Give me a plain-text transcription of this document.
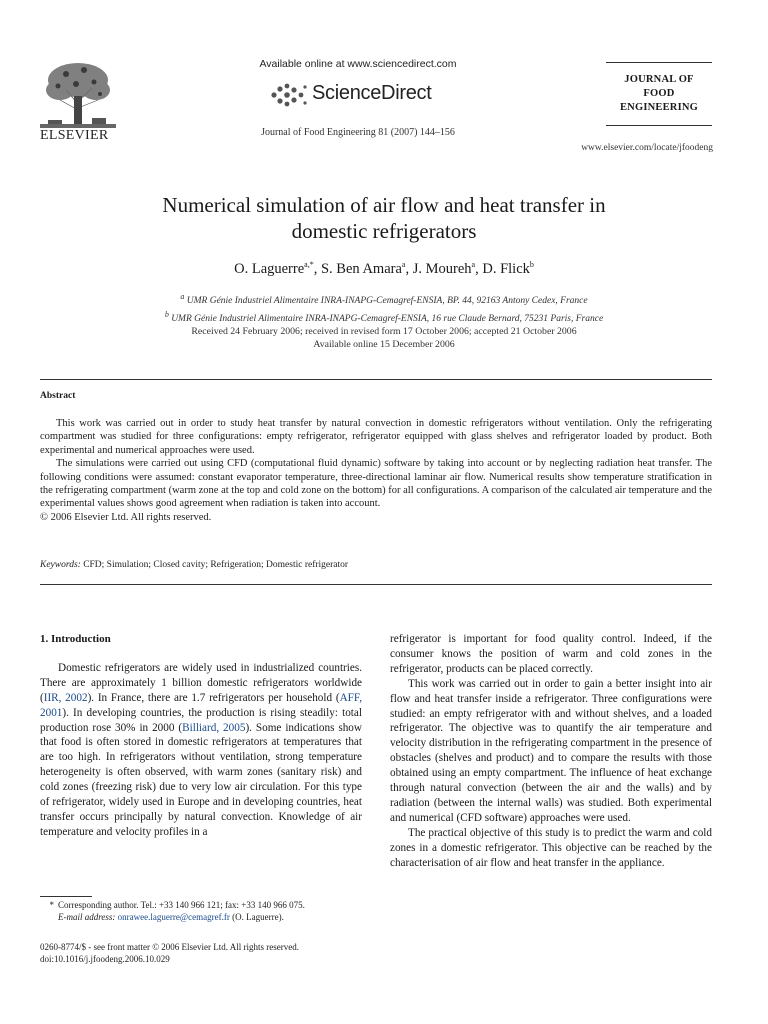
ELSEVIER
Available online at www.sciencedirect.com
ScienceDirect
Journal of Food Engineering 81 (2007) 144–156
JOURNAL OF
FOOD
ENGINEERING
www.elsevier.com/locate/jfoodeng
Numerical simulation of air flow and heat transfer in
domestic refrigerators
O. Laguerre$^{a,*}$, S. Ben Amara$^a$, J. Moureh$^a$, D. Flick$^b$
$^a$ UMR Génie Industriel Alimentaire INRA-INAPG-Cemagref-ENSIA, BP. 44, 92163 Antony Cedex, France
$^b$ UMR Génie Industriel Alimentaire INRA-INAPG-Cemagref-ENSIA, 16 rue Claude Bernard, 75231 Paris, France
Received 24 February 2006; received in revised form 17 October 2006; accepted 21 October 2006
Available online 15 December 2006
Abstract

This work was carried out in order to study heat transfer by natural convection in domestic refrigerators without ventilation. Only the refrigerating compartment was studied for three configurations: empty refrigerator, refrigerator equipped with glass shelves and refrigerator loaded by product. Both experimental and numerical approaches were used.

The simulations were carried out using CFD (computational fluid dynamic) software by taking into account or by neglecting radiation heat transfer. The following conditions were assumed: constant evaporator temperature, three-directional laminar air flow. Numerical results show temperature stratification in the refrigerating compartment (warm zone at the top and cold zone on the bottom) for all configurations. A comparison of the calculated air temperature and the experimental values shows good agreement when radiation is taken into account.

© 2006 Elsevier Ltd. All rights reserved.

Keywords: CFD; Simulation; Closed cavity; Refrigeration; Domestic refrigerator
1. Introduction

Domestic refrigerators are widely used in industrialized countries. There are approximately 1 billion domestic refrigerators worldwide (IIR, 2002). In France, there are 1.7 refrigerators per household (AFF, 2001). In developing countries, the production is rising steadily: total production rose 30% in 2000 (Billiard, 2005). Some indications show that food is often stored in domestic refrigerators at temperatures that are too high. In refrigerators without ventilation, strong temperature heterogeneity is often observed, with warm zones (sanitary risk) and cold zones (freezing risk) due to very low air circulation. For this type of refrigerator, widely used in Europe and in developing countries, heat transfer occurs principally by natural convection. Knowledge of air temperature and velocity profiles in a

refrigerator is important for food quality control. Indeed, if the consumer knows the position of warm and cold zones in the refrigerator, products can be placed correctly.

This work was carried out in order to gain a better insight into air flow and heat transfer inside a refrigerator. Three configurations were studied: an empty refrigerator with and without shelves, and a loaded refrigerator. The objective was to quantify the air temperature and velocity distribution in the refrigerating compartment in the presence of obstacles (shelves and product) and to compare the results with those obtained using an empty compartment. The influence of heat exchange through natural convection (between the air and the walls) and by radiation (between the internal walls) was studied. Both experimental and numerical (CFD software) approaches were used.

The practical objective of this study is to predict the warm and cold zones in a domestic refrigerator. This objective can be reached by the characterisation of air flow and heat transfer in the appliance.

* Corresponding author. Tel.: +33 140 966 121; fax: +33 140 966 075.
E-mail address: onrawee.laguerre@cemagref.fr (O. Laguerre).
0260-8774/$ - see front matter © 2006 Elsevier Ltd. All rights reserved.
doi:10.1016/j.jfoodeng.2006.10.029
